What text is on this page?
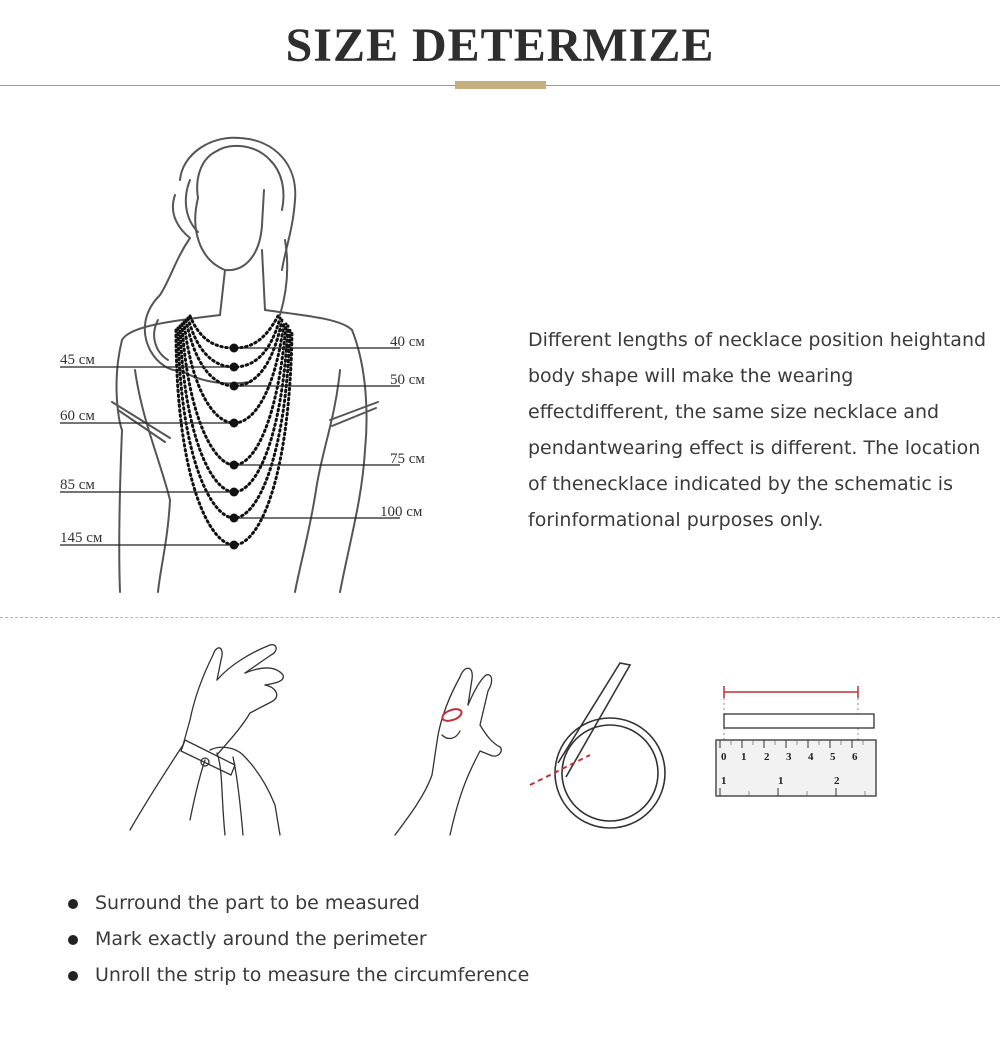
SIZE DETERMIZE
40 см
50 см
75 см
100 см
45 см
60 см
85 см
145 см

Different lengths of necklace position heightand body shape will make the wearing effectdifferent, the same size necklace and pendantwearing effect is different. The location of thenecklace indicated by the schematic is forinformational purposes only.

0 1 2 3 4 5 6
1	1	2
Surround the part to be measured
Mark exactly around the perimeter
Unroll the strip to measure the circumference
